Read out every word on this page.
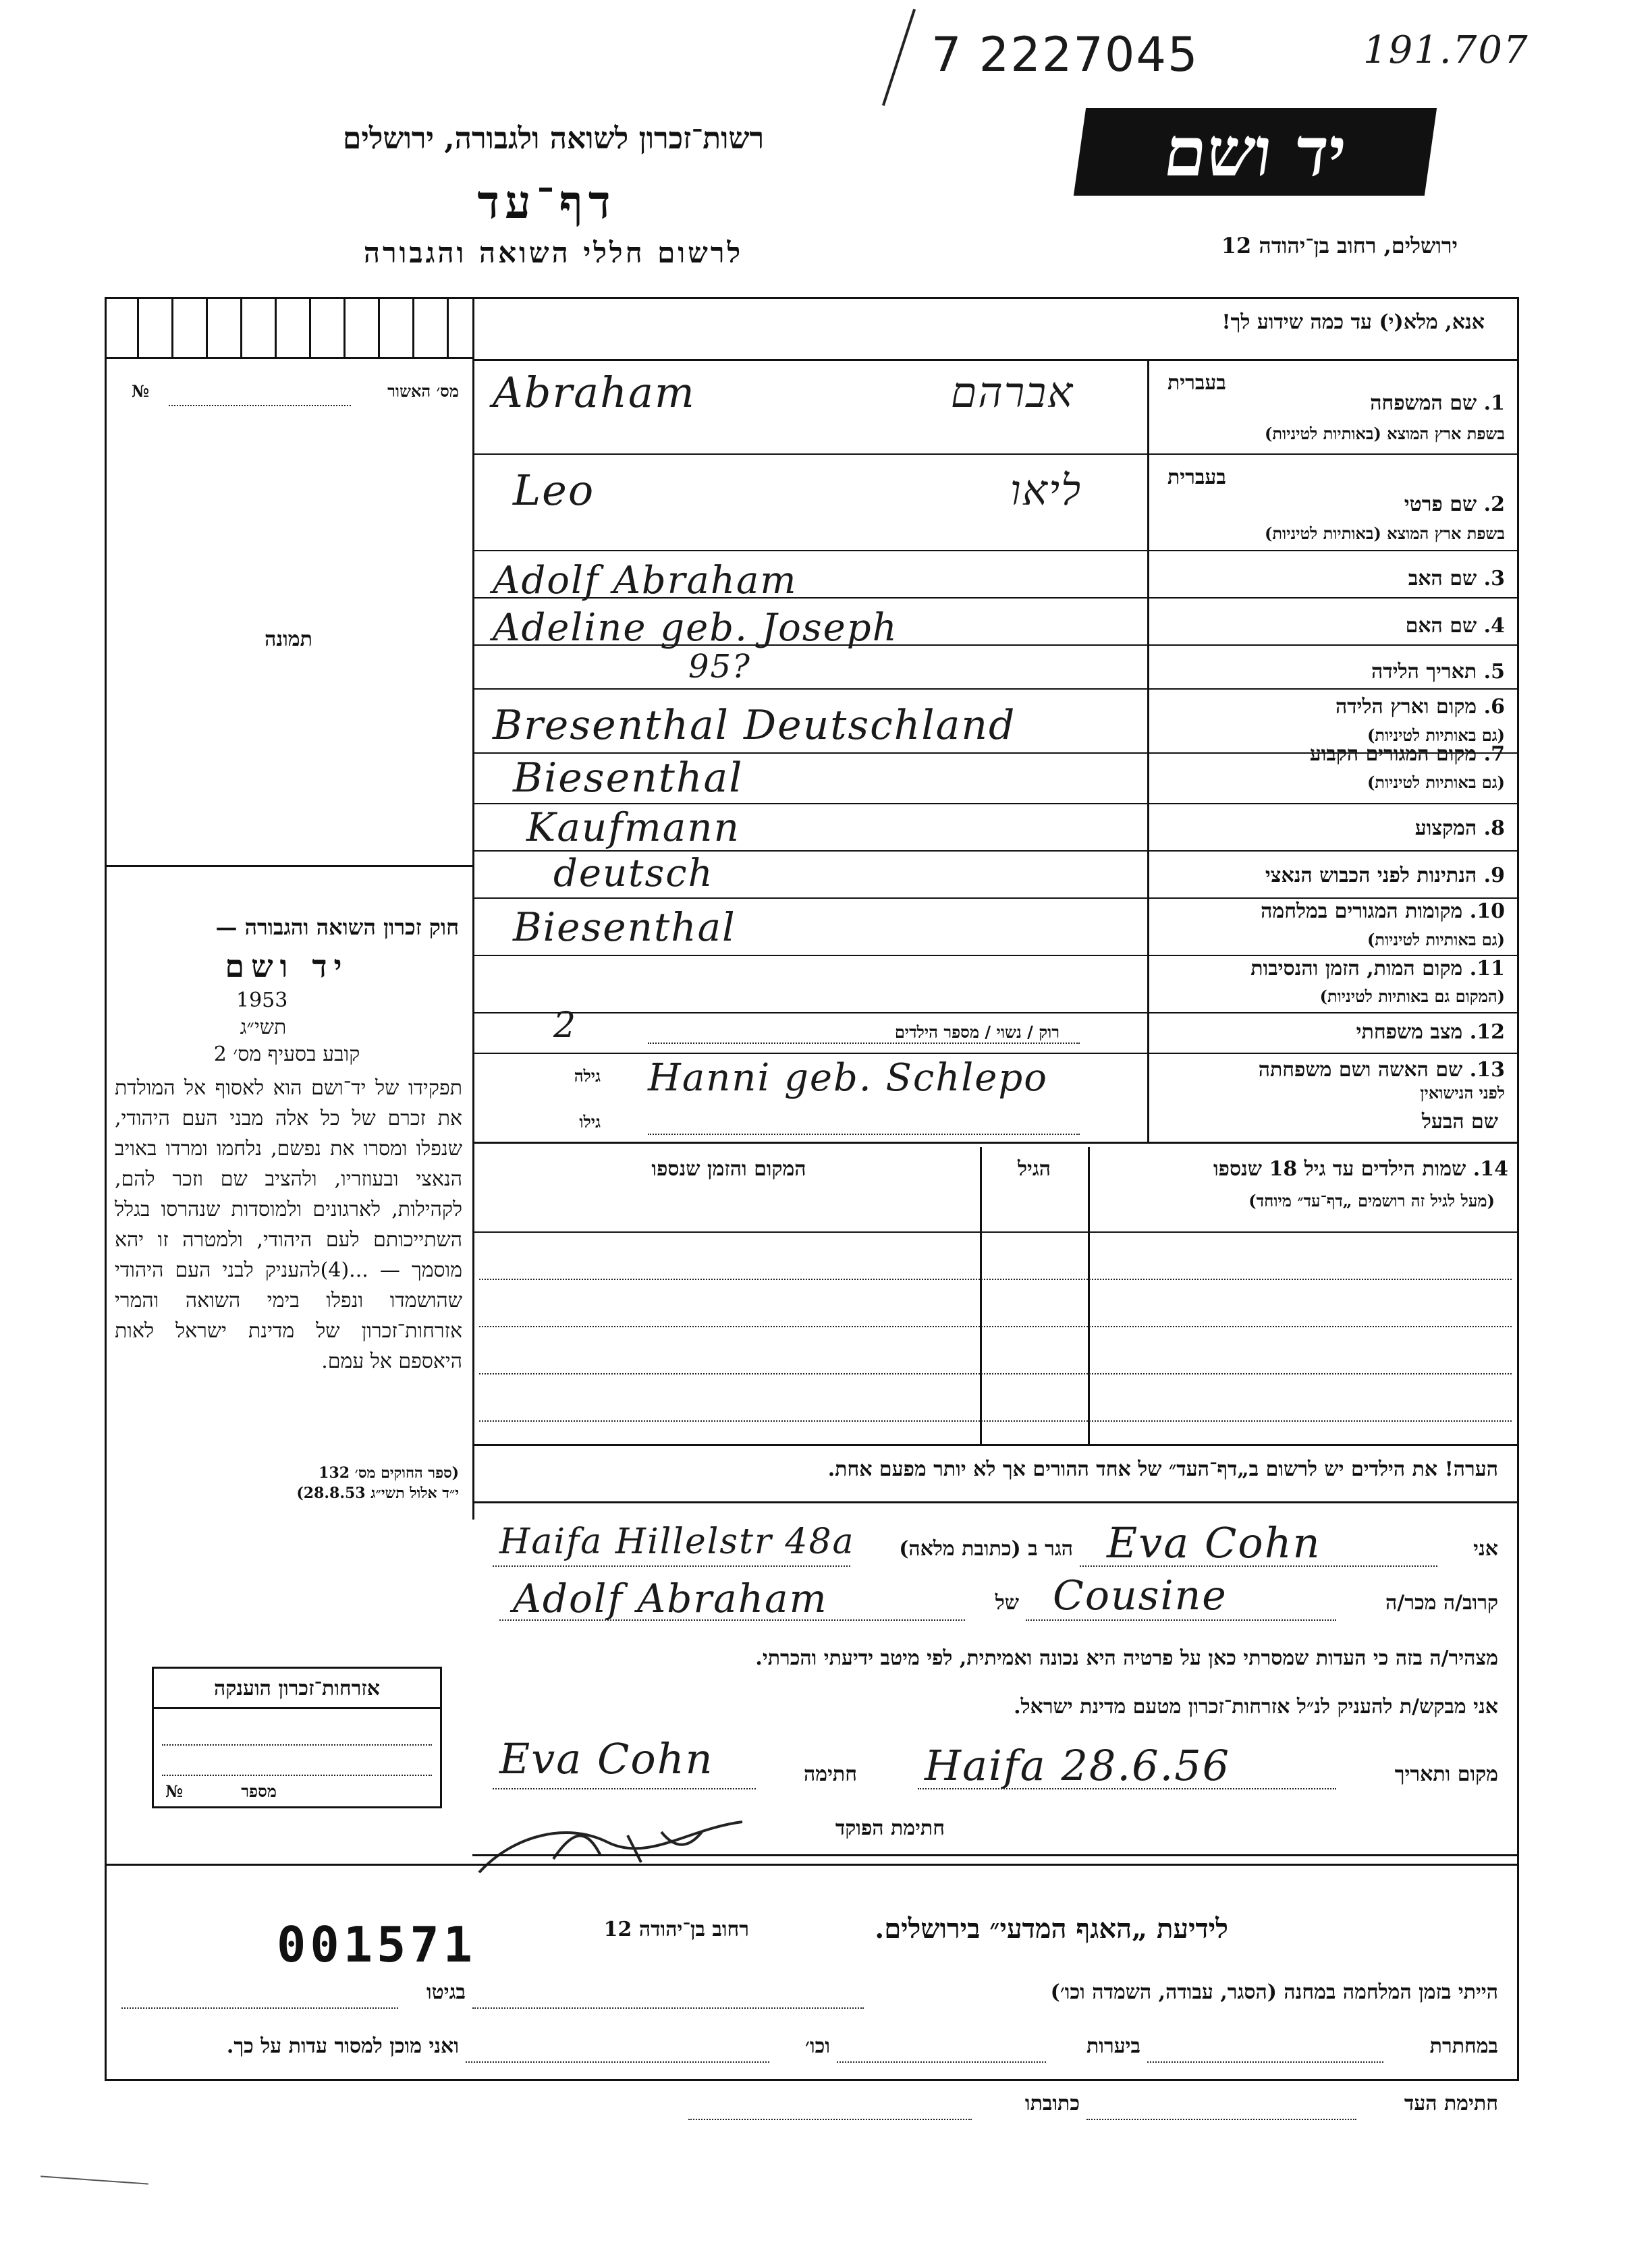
7 2227045	191.707
רשות־זכרון לשואה ולגבורה, ירושלים
דף־עד
לרשום חללי השואה והגבורה
יד ושם
ירושלים, רחוב בן־יהודה 12
אנא, מלא(י) עד כמה שידוע לך!
מס׳ האשור
№
תמונה
חוק זכרון השואה והגבורה —
יד ושם
1953
תשי״ג
קובע בסעיף מס׳ 2
תפקידו של יד־ושם הוא לאסוף אל המולדת את זכרם של כל אלה מבני העם היהודי, שנפלו ומסרו את נפשם, נלחמו ומרדו באויב הנאצי ובעוזריו, ולהציב שם וזכר להם, לקהילות, לארגונים ולמוסדות שנהרסו בגלל השתייכותם לעם היהודי, ולמטרה זו יהא מוסמך — ...(4)להעניק לבני העם היהודי שהושמדו ונפלו בימי השואה והמרי אזרחות־זכרון של מדינת ישראל לאות היאספם אל עמם.
(ספר החוקים מס׳ 132
י״ד אלול תשי״ג 28.8.53)
אזרחות־זכרון הוענקה
מספר
№
1. שם המשפחה
בשפת ארץ המוצא (באותיות לטיניות)
בעברית
Abraham	אברהם
2. שם פרטי
בשפת ארץ המוצא (באותיות לטיניות)
בעברית
Leo	ליאו
3. שם האב
Adolf Abraham
4. שם האם
Adeline geb. Joseph
5. תאריך הלידה
95?
6. מקום וארץ הלידה
(גם באותיות לטיניות)
Bresenthal Deutschland
7. מקום המגורים הקבוע
(גם באותיות לטיניות)
Biesenthal
8. המקצוע
Kaufmann
9. הנתינות לפני הכבוש הנאצי
deutsch
10. מקומות המגורים במלחמה
(גם באותיות לטיניות)
Biesenthal
11. מקום המות, הזמן והנסיבות
(המקום גם באותיות לטיניות)
12. מצב משפחתי
2	רוק / נשוי / מספר הילדים
13. שם האשה ושם משפחתה
לפני הנישואין
גילה Hanni geb. Schlepo
שם הבעל
גילו
14. שמות הילדים עד גיל 18 שנספו
(מעל לגיל זה רושמים „דף־עד״ מיוחד)
הגיל
המקום והזמן שנספו
הערה! את הילדים יש לרשום ב„דף־העד״ של אחד ההורים אך לא יותר מפעם אחת.
אני
Eva Cohn
הגר ב (כתובת מלאה)
Haifa Hillelstr 48a
קרוב/ה מכר/ה
Cousine
של
Adolf Abraham
מצהיר/ה בזה כי העדות שמסרתי כאן על פרטיה היא נכונה ואמיתית, לפי מיטב ידיעתי והכרתי.
אני מבקש/ת להעניק לנ״ל אזרחות־זכרון מטעם מדינת ישראל.
מקום ותאריך
Haifa 28.6.56
חתימה
Eva Cohn
חתימת הפוקד
001571	לידיעת „האגף המדעי״ בירושלים.
רחוב בן־יהודה 12
הייתי בזמן המלחמה במחנה (הסגר, עבודה, השמדה וכו׳)
בגיטו
במחתרת
ביערות
וכו׳
ואני מוכן למסור עדות על כך.
חתימת העד
כתובתו
